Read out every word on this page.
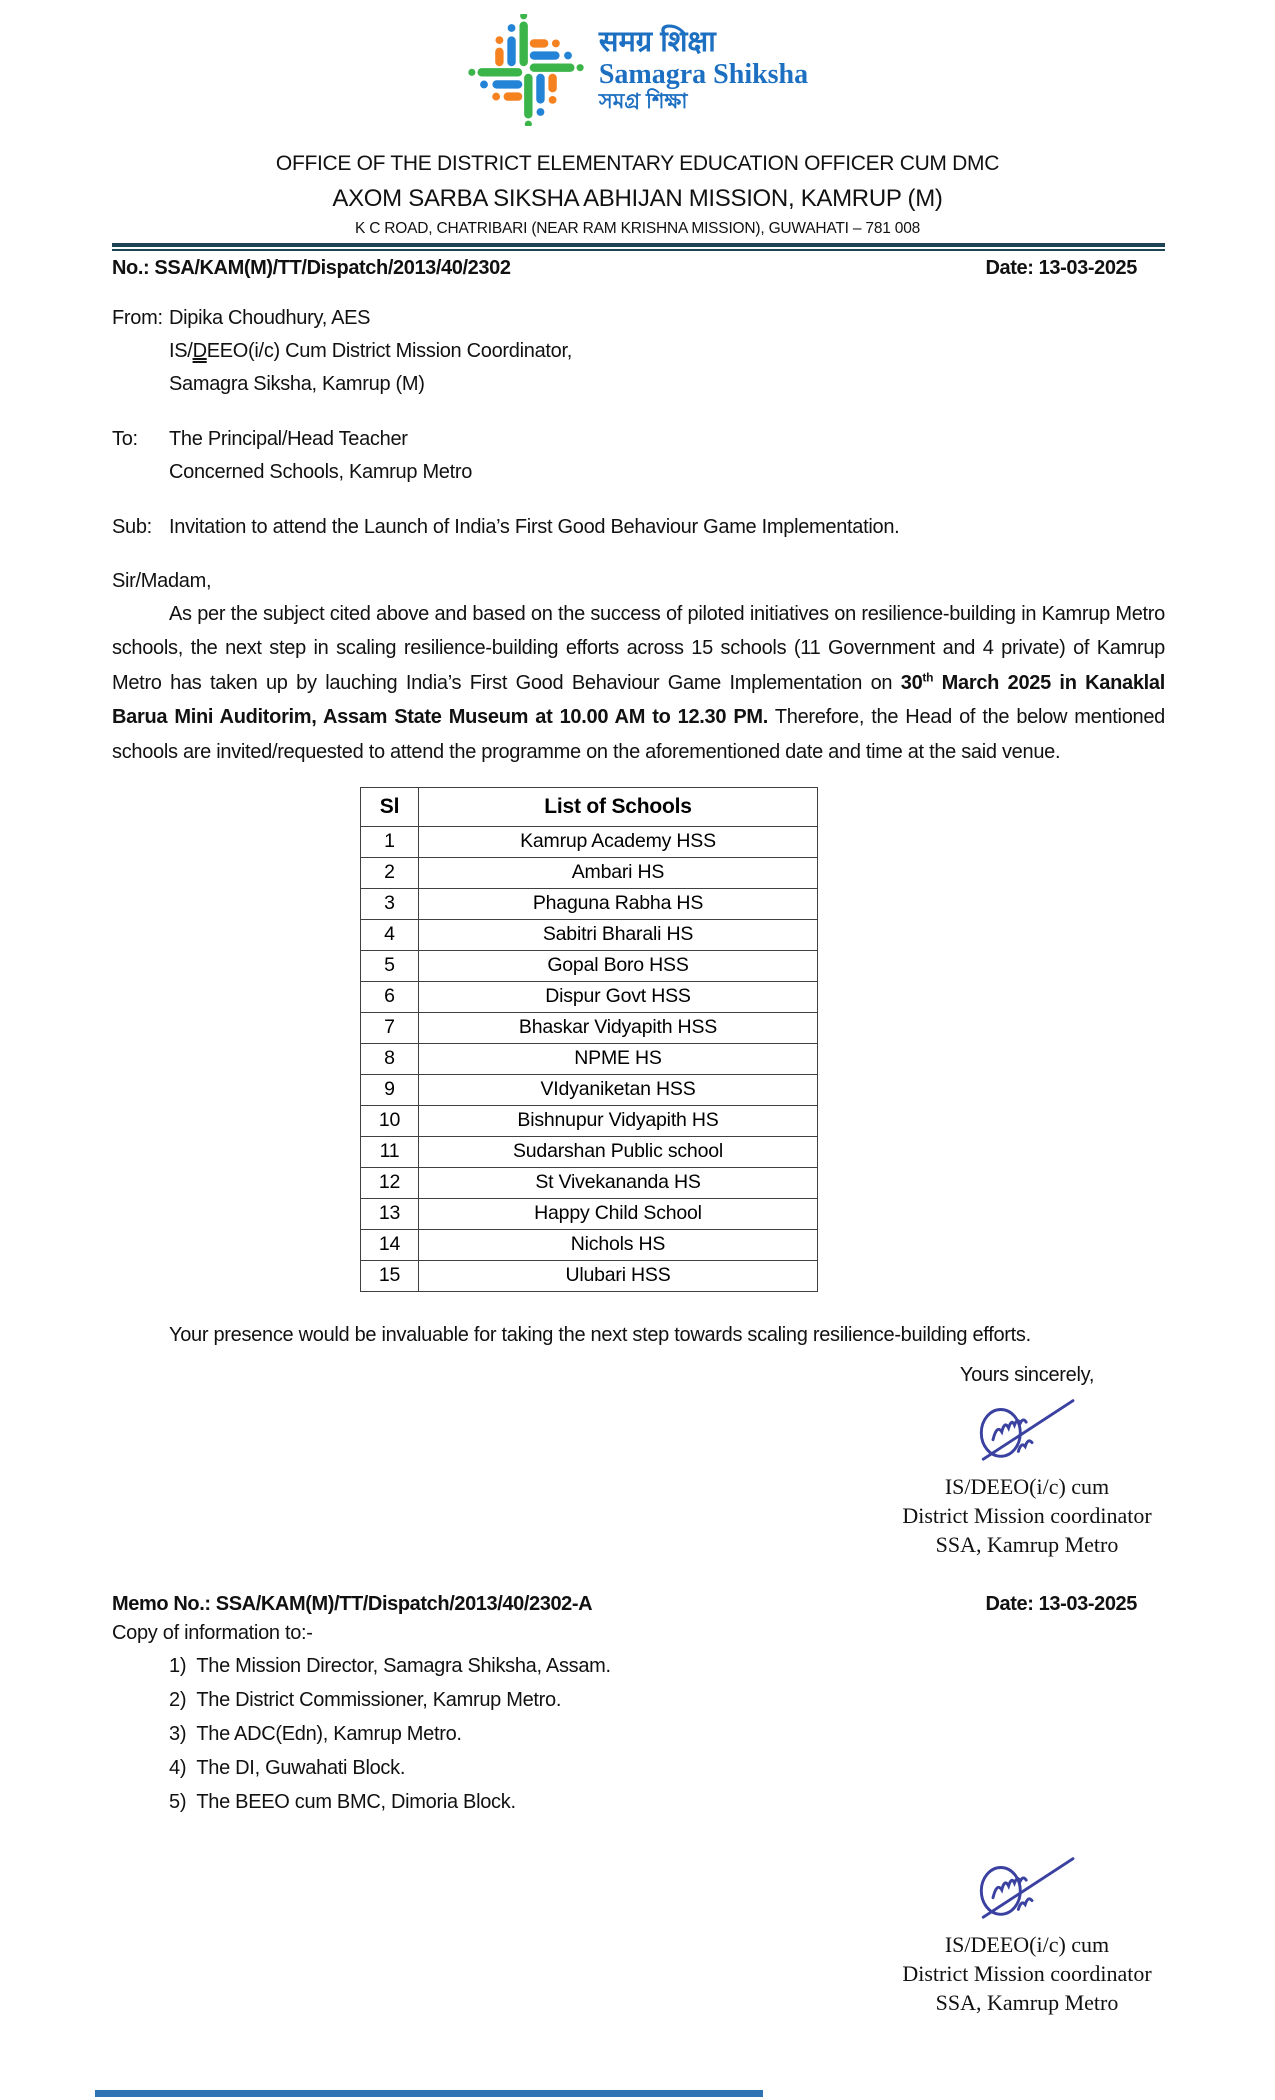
समग्र शिक्षा
Samagra Shiksha
সমগ্ৰ শিক্ষা
OFFICE OF THE DISTRICT ELEMENTARY EDUCATION OFFICER CUM DMC
AXOM SARBA SIKSHA ABHIJAN MISSION, KAMRUP (M)
K C ROAD, CHATRIBARI (NEAR RAM KRISHNA MISSION), GUWAHATI – 781 008
No.: SSA/KAM(M)/TT/Dispatch/2013/40/2302	Date: 13-03-2025
From: Dipika Choudhury, AES
IS/DEEO(i/c) Cum District Mission Coordinator,
Samagra Siksha, Kamrup (M)
To:	The Principal/Head Teacher
Concerned Schools, Kamrup Metro
Sub: Invitation to attend the Launch of India’s First Good Behaviour Game Implementation.
Sir/Madam,
As per the subject cited above and based on the success of piloted initiatives on resilience-building in Kamrup Metro schools, the next step in scaling resilience-building efforts across 15 schools (11 Government and 4 private) of Kamrup Metro has taken up by lauching India’s First Good Behaviour Game Implementation on 30th March 2025 in Kanaklal Barua Mini Auditorim, Assam State Museum at 10.00 AM to 12.30 PM. Therefore, the Head of the below mentioned schools are invited/requested to attend the programme on the aforementioned date and time at the said venue.
Sl	List of Schools
1	Kamrup Academy HSS
2	Ambari HS
3	Phaguna Rabha HS
4	Sabitri Bharali HS
5	Gopal Boro HSS
6	Dispur Govt HSS
7	Bhaskar Vidyapith HSS
8	NPME HS
9	VIdyaniketan HSS
10	Bishnupur Vidyapith HS
11	Sudarshan Public school
12	St Vivekananda HS
13	Happy Child School
14	Nichols HS
15	Ulubari HSS
Your presence would be invaluable for taking the next step towards scaling resilience-building efforts.
Yours sincerely,
IS/DEEO(i/c) cum
District Mission coordinator
SSA, Kamrup Metro
Memo No.: SSA/KAM(M)/TT/Dispatch/2013/40/2302-A	Date: 13-03-2025
Copy of information to:-
The Mission Director, Samagra Shiksha, Assam.
The District Commissioner, Kamrup Metro.
The ADC(Edn), Kamrup Metro.
The DI, Guwahati Block.
The BEEO cum BMC, Dimoria Block.
IS/DEEO(i/c) cum
District Mission coordinator
SSA, Kamrup Metro
